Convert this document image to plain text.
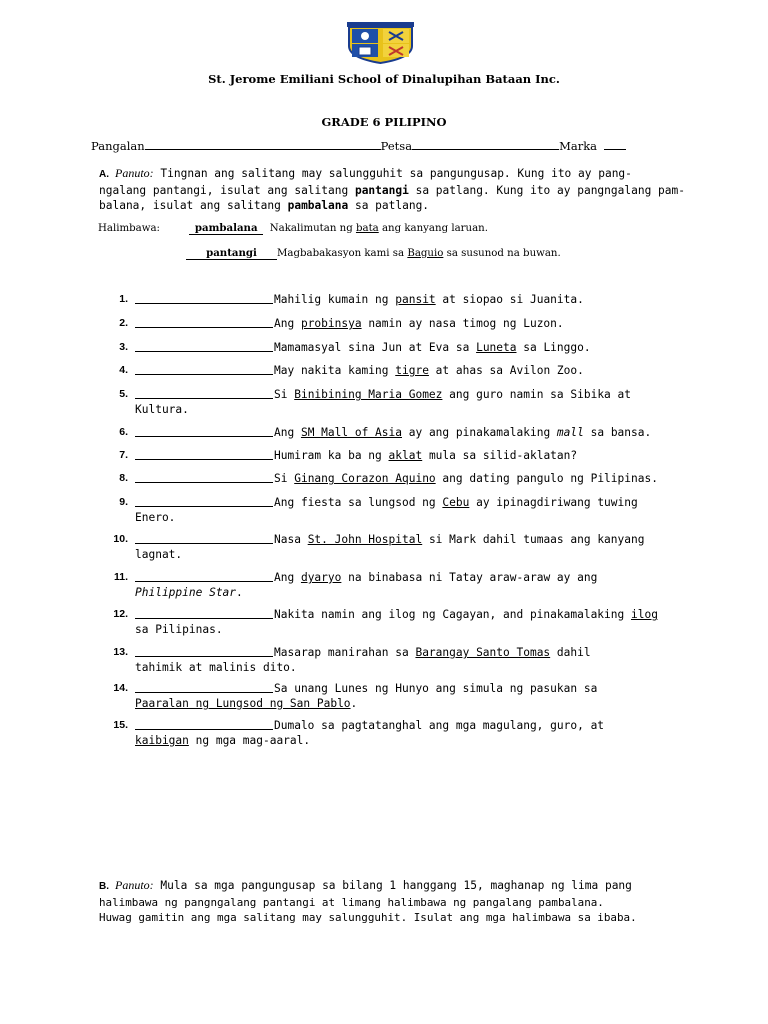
St. Jerome Emiliani School of Dinalupihan Bataan Inc.
GRADE 6 PILIPINO
Pangalan	Petsa	Marka
A. Panuto: Tingnan ang salitang may salungguhit sa pangungusap. Kung ito ay pang-
ngalang pantangi, isulat ang salitang pantangi sa patlang. Kung ito ay pangngalang pam-
balana, isulat ang salitang pambalana sa patlang.
Halimbawa:	pambalana Nakalimutan ng bata ang kanyang laruan.
pantangi Magbabakasyon kami sa Baguio sa susunod na buwan.
1.	Mahilig kumain ng pansit at siopao si Juanita.
2.	Ang probinsya namin ay nasa timog ng Luzon.
3.	Mamamasyal sina Jun at Eva sa Luneta sa Linggo.
4.	May nakita kaming tigre at ahas sa Avilon Zoo.
5.	Si Binibining Maria Gomez ang guro namin sa Sibika at
Kultura.
6.	Ang SM Mall of Asia ay ang pinakamalaking mall sa bansa.
7.	Humiram ka ba ng aklat mula sa silid-aklatan?
8.	Si Ginang Corazon Aquino ang dating pangulo ng Pilipinas.
9.	Ang fiesta sa lungsod ng Cebu ay ipinagdiriwang tuwing
Enero.
10.	Nasa St. John Hospital si Mark dahil tumaas ang kanyang
lagnat.
11.	Ang dyaryo na binabasa ni Tatay araw-araw ay ang
Philippine Star.
12.	Nakita namin ang ilog ng Cagayan, and pinakamalaking ilog
sa Pilipinas.
13.	Masarap manirahan sa Barangay Santo Tomas dahil
tahimik at malinis dito.
14.	Sa unang Lunes ng Hunyo ang simula ng pasukan sa
Paaralan ng Lungsod ng San Pablo.
15.	Dumalo sa pagtatanghal ang mga magulang, guro, at
kaibigan ng mga mag-aaral.
B. Panuto: Mula sa mga pangungusap sa bilang 1 hanggang 15, maghanap ng lima pang
halimbawa ng pangngalang pantangi at limang halimbawa ng pangalang pambalana.
Huwag gamitin ang mga salitang may salungguhit. Isulat ang mga halimbawa sa ibaba.
